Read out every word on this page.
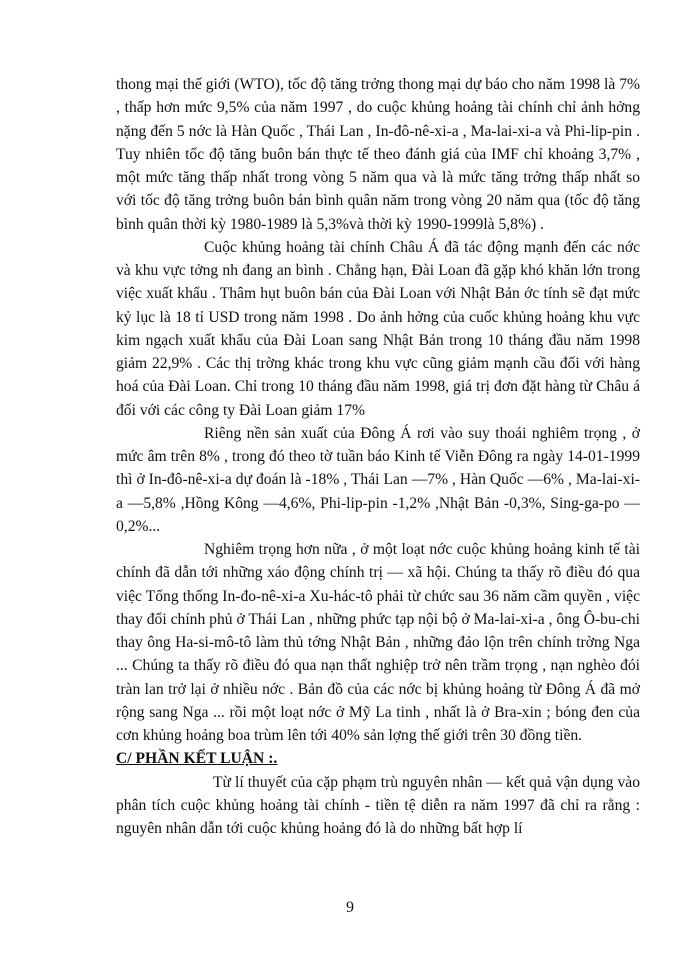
thong mại thế giới (WTO), tốc độ tăng trởng thong mại dự báo cho năm 1998 là 7% , thấp hơn mức 9,5% của năm 1997 , do cuộc khủng hoảng tài chính chỉ ảnh hởng nặng đến 5 nớc là Hàn Quốc , Thái Lan , In-đô-nê-xi-a , Ma-lai-xi-a và Phi-lip-pin . Tuy nhiên tốc độ tăng buôn bán thực tế theo đánh giá của IMF chỉ khoảng 3,7% , một mức tăng thấp nhất trong vòng 5 năm qua và là mức tăng trởng thấp nhất so với tốc độ tăng trởng buôn bán bình quân năm trong vòng 20 năm qua (tốc độ tăng bình quân thời kỳ 1980-1989 là 5,3%và thời kỳ 1990-1999là 5,8%) .

Cuộc khủng hoảng tài chính Châu Á đã tác động mạnh đến các nớc và khu vực tởng nh đang an bình . Chẳng hạn, Đài Loan đã gặp khó khăn lớn trong việc xuất khẩu . Thâm hụt buôn bán của Đài Loan với Nhật Bản ớc tính sẽ đạt mức kỷ lục là 18 tỉ USD trong năm 1998 . Do ảnh hởng của cuốc khủng hoảng khu vực kim ngạch xuất khẩu của Đài Loan sang Nhật Bản trong 10 tháng đầu năm 1998 giảm 22,9% . Các thị trờng khác trong khu vực cũng giảm mạnh cầu đối với hàng hoá của Đài Loan. Chỉ trong 10 tháng đầu năm 1998, giá trị đơn đặt hàng từ Châu á đối với các công ty Đài Loan giảm 17%

Riêng nền sản xuất của Đông Á rơi vào suy thoái nghiêm trọng , ở mức âm trên 8% , trong đó theo tờ tuần báo Kinh tế Viễn Đông ra ngày 14-01-1999 thì ở In-đô-nê-xi-a dự đoán là -18% , Thái Lan —7% , Hàn Quốc —6% , Ma-lai-xi-a —5,8% ,Hồng Kông —4,6%, Phi-lip-pin -1,2% ,Nhật Bản -0,3%, Sing-ga-po —0,2%...

Nghiêm trọng hơn nữa , ở một loạt nớc cuộc khủng hoảng kinh tế tài chính đã dẫn tới những xáo động chính trị — xã hội. Chúng ta thấy rõ điều đó qua việc Tổng thống In-đo-nê-xi-a Xu-hác-tô phải từ chức sau 36 năm cầm quyền , việc thay đổi chính phủ ở Thái Lan , những phức tạp nội bộ ở Ma-lai-xi-a , ông Ô-bu-chi thay ông Ha-si-mô-tô làm thủ tớng Nhật Bản , những đảo lộn trên chính trờng Nga ... Chúng ta thấy rõ điều đó qua nạn thất nghiệp trở nên trầm trọng , nạn nghèo đói tràn lan trở lại ở nhiều nớc . Bản đồ của các nớc bị khủng hoảng từ Đông Á đã mở rộng sang Nga ... rồi một loạt nớc ở Mỹ La tinh , nhất là ở Bra-xin ; bóng đen của cơn khủng hoảng boa trùm lên tới 40% sản lợng thế giới trên 30 đồng tiền.

C/ PHẦN KẾT LUẬN :.

Từ lí thuyết của cặp phạm trù nguyên nhân — kết quả vận dụng vào phân tích cuộc khủng hoảng tài chính - tiền tệ diễn ra năm 1997 đã chỉ ra rằng : nguyên nhân dẫn tới cuộc khủng hoảng đó là do những bất hợp lí

9
